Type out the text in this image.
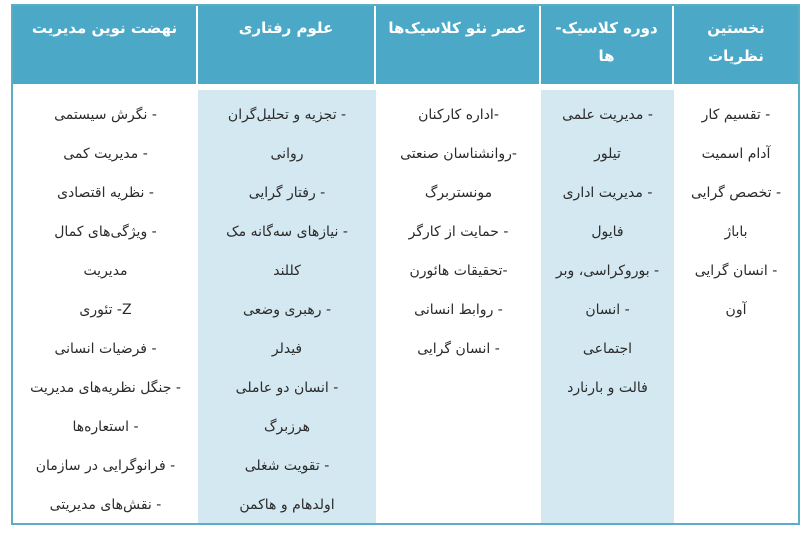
نخستین
نظریات
- تقسیم کار
آدام اسمیت
- تخصص گرایی
باباژ
- انسان گرایی
آون
دوره کلاسیک-
ها
- مدیریت علمی
تیلور
- مدیریت اداری
فایول
- بوروکراسی، وبر
- انسان
اجتماعی
فالت و بارنارد
عصر نئو کلاسیک‌ها
-اداره کارکنان
-روانشناسان صنعتی
مونستربرگ
- حمایت از کارگر
-تحقیقات هائورن
- روابط انسانی
- انسان گرایی
علوم رفتاری
- تجزیه و تحلیل‌گران
روانی
- رفتار گرایی
- نیازهای سه‌گانه مک
کللند
- رهبری وضعی
فیدلر
- انسان دو عاملی
هرزبرگ
- تقویت شغلی
اولدهام و هاکمن
نهضت نوین مدیریت
- نگرش سیستمی
- مدیریت کمی
- نظریه اقتصادی
- ویژگی‌های کمال
مدیریت
Z- تئوری
- فرضیات انسانی
- جنگل نظریه‌های مدیریت
- استعاره‌ها
- فرانوگرایی در سازمان
- نقش‌های مدیریتی
